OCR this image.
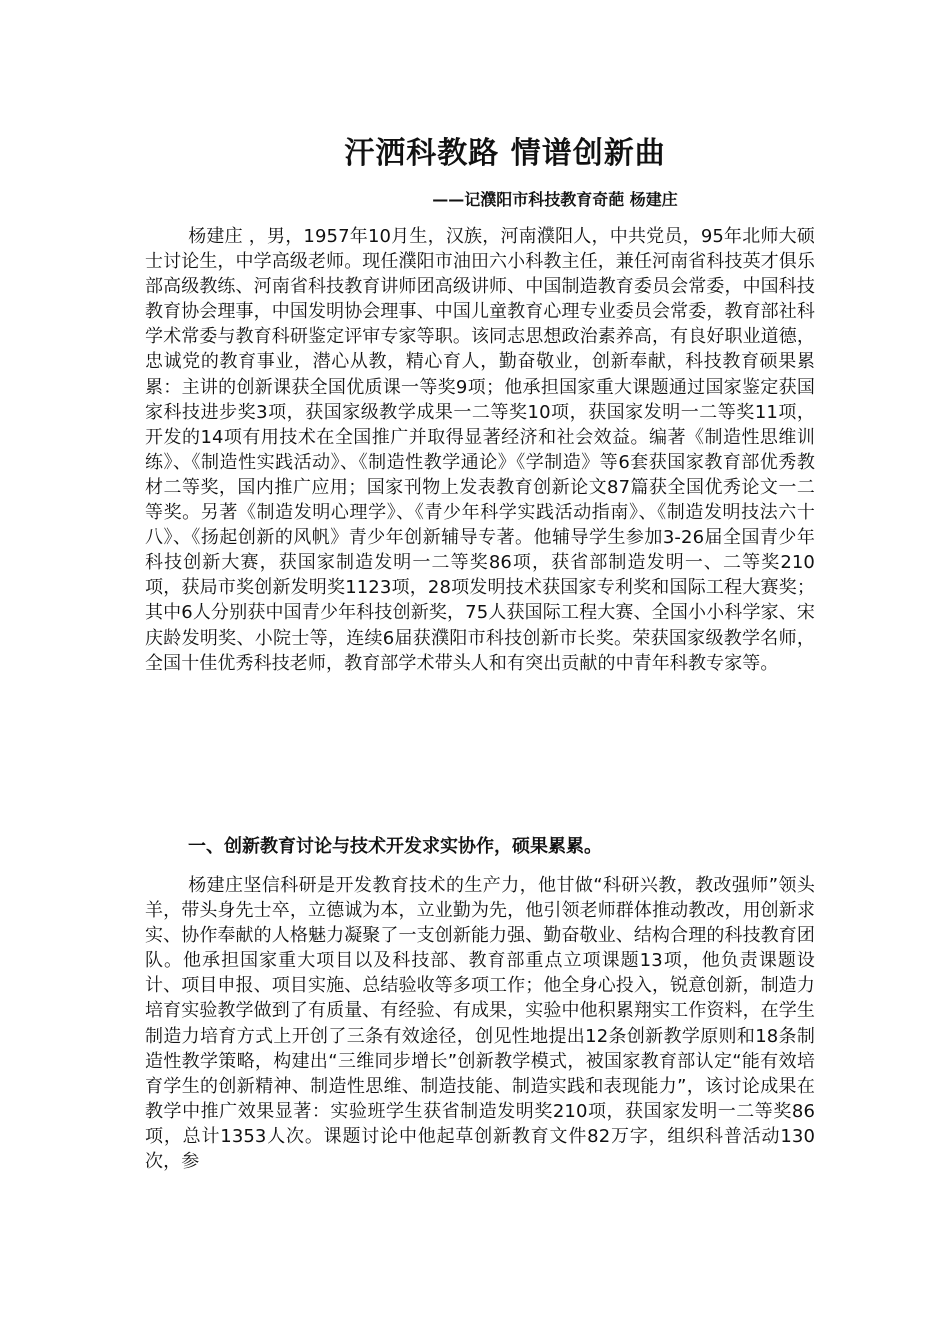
汗洒科教路 情谱创新曲

——记濮阳市科技教育奇葩 杨建庄

杨建庄 ，男，1957年10月生，汉族，河南濮阳人，中共党员，95年北师大硕士讨论生，中学高级老师。现任濮阳市油田六小科教主任，兼任河南省科技英才俱乐部高级教练、河南省科技教育讲师团高级讲师、中国制造教育委员会常委，中国科技教育协会理事，中国发明协会理事、中国儿童教育心理专业委员会常委，教育部社科学术常委与教育科研鉴定评审专家等职。该同志思想政治素养高，有良好职业道德，忠诚党的教育事业，潜心从教，精心育人，勤奋敬业，创新奉献，科技教育硕果累累：主讲的创新课获全国优质课一等奖9项；他承担国家重大课题通过国家鉴定获国家科技进步奖3项，获国家级教学成果一二等奖10项，获国家发明一二等奖11项，开发的14项有用技术在全国推广并取得显著经济和社会效益。编著《制造性思维训练》、《制造性实践活动》、《制造性教学通论》《学制造》等6套获国家教育部优秀教材二等奖，国内推广应用；国家刊物上发表教育创新论文87篇获全国优秀论文一二等奖。另著《制造发明心理学》、《青少年科学实践活动指南》、《制造发明技法六十八》、《扬起创新的风帆》青少年创新辅导专著。他辅导学生参加3-26届全国青少年科技创新大赛，获国家制造发明一二等奖86项，获省部制造发明一、二等奖210项，获局市奖创新发明奖1123项，28项发明技术获国家专利奖和国际工程大赛奖；其中6人分别获中国青少年科技创新奖，75人获国际工程大赛、全国小小科学家、宋庆龄发明奖、小院士等，连续6届获濮阳市科技创新市长奖。荣获国家级教学名师，全国十佳优秀科技老师，教育部学术带头人和有突出贡献的中青年科教专家等。

一、创新教育讨论与技术开发求实协作，硕果累累。

杨建庄坚信科研是开发教育技术的生产力，他甘做“科研兴教，教改强师”领头羊，带头身先士卒，立德诚为本，立业勤为先，他引领老师群体推动教改，用创新求实、协作奉献的人格魅力凝聚了一支创新能力强、勤奋敬业、结构合理的科技教育团队。他承担国家重大项目以及科技部、教育部重点立项课题13项，他负责课题设计、项目申报、项目实施、总结验收等多项工作；他全身心投入，锐意创新，制造力培育实验教学做到了有质量、有经验、有成果，实验中他积累翔实工作资料，在学生制造力培育方式上开创了三条有效途径，创见性地提出12条创新教学原则和18条制造性教学策略，构建出“三维同步增长”创新教学模式，被国家教育部认定“能有效培育学生的创新精神、制造性思维、制造技能、制造实践和表现能力”，该讨论成果在教学中推广效果显著：实验班学生获省制造发明奖210项，获国家发明一二等奖86项，总计1353人次。课题讨论中他起草创新教育文件82万字，组织科普活动130次，参
